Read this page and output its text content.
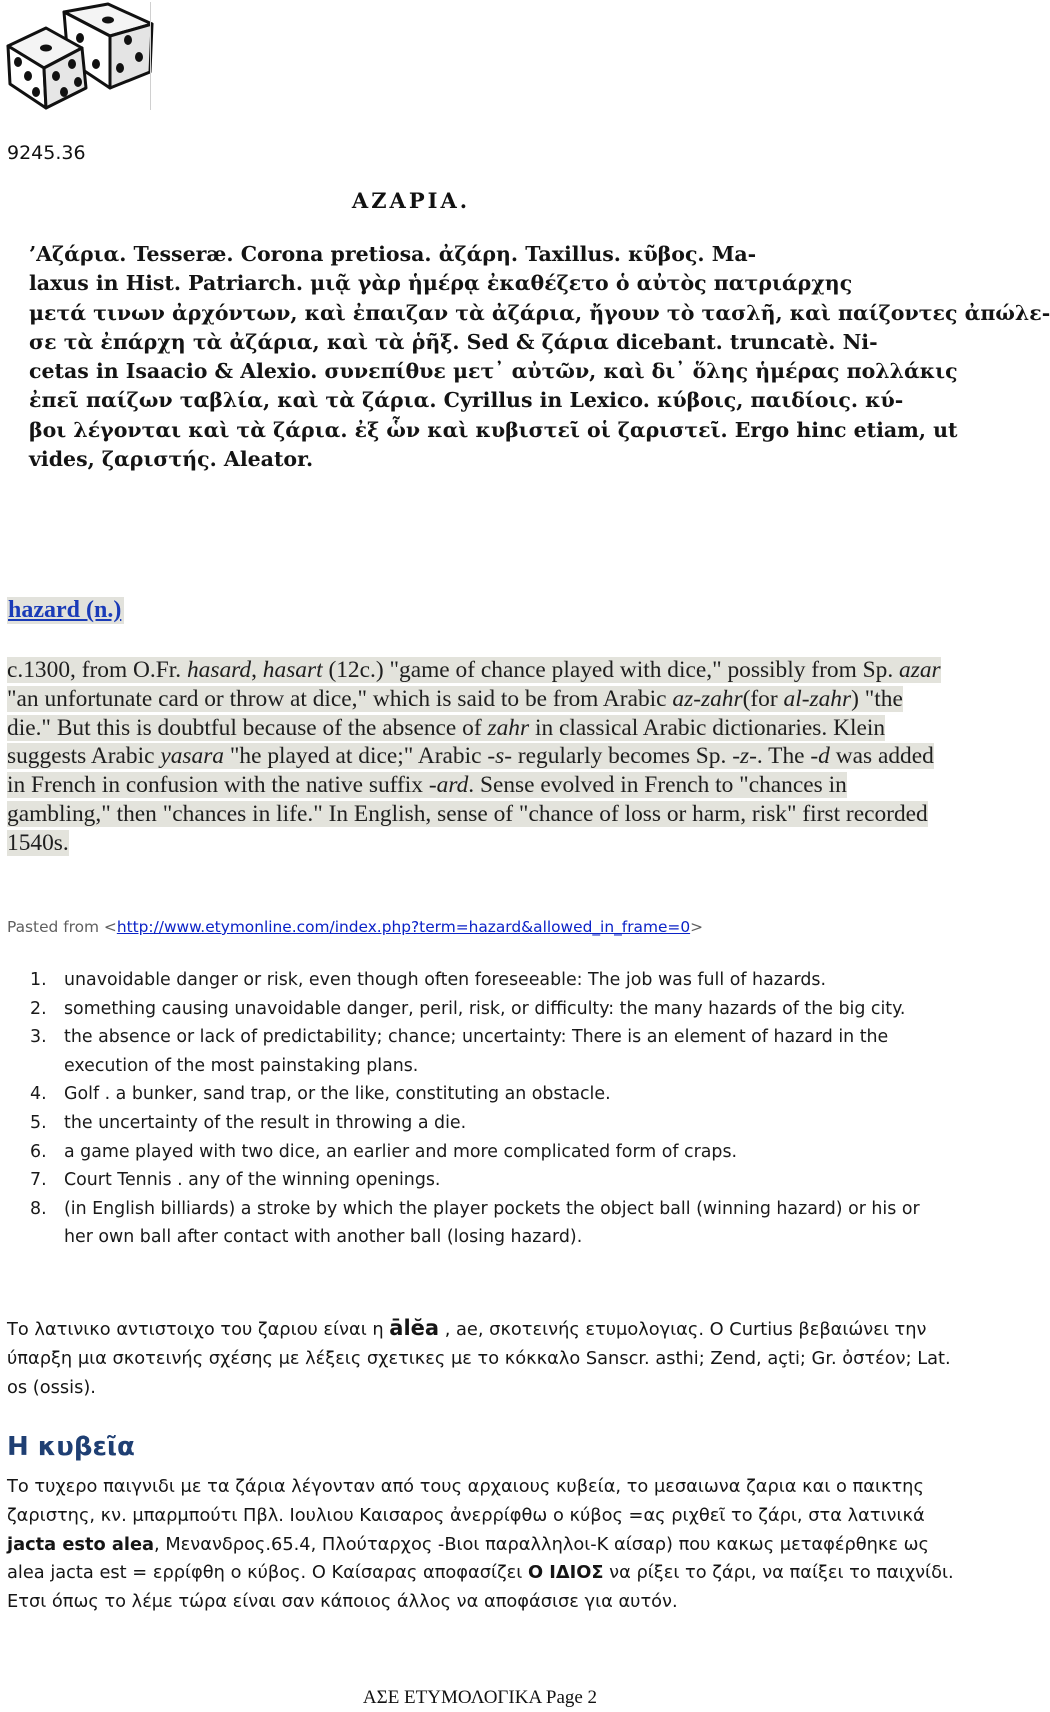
9245.36
ΑΖΑΡΙΑ.
’Αζάρια. Tesseræ. Corona pretiosa. ἀζάρη. Taxillus. κῦβος. Ma-
laxus in Hist. Patriarch. μιᾷ γὰρ ἡμέρᾳ ἐκαθέζετο ὁ αὐτὸς πατριάρχης
μετά τινων ἀρχόντων, καὶ ἐπαιζαν τὰ ἀζάρια, ἤγουν τὸ τασλῆ, καὶ παίζοντες ἀπώλε-
σε τὰ ἐπάρχη τὰ ἀζάρια, καὶ τὰ ῥῆξ. Sed & ζάρια dicebant. truncatè. Ni-
cetas in Isaacio & Alexio. συνεπίθυε μετ᾽ αὐτῶν, καὶ δι᾽ ὅλης ἡμέρας πολλάκις
ἐπεῖ παίζων ταβλία, καὶ τὰ ζάρια. Cyrillus in Lexico. κύβοις, παιδίοις. κύ-
βοι λέγονται καὶ τὰ ζάρια. ἐξ ὧν καὶ κυβιστεῖ οἱ ζαριστεῖ. Ergo hinc etiam, ut
vides, ζαριστής. Aleator.
hazard (n.)
c.1300, from O.Fr. hasard, hasart (12c.) "game of chance played with dice," possibly from Sp. azar "an unfortunate card or throw at dice," which is said to be from Arabic az-zahr(for al-zahr) "the die." But this is doubtful because of the absence of zahr in classical Arabic dictionaries. Klein suggests Arabic yasara "he played at dice;" Arabic -s- regularly becomes Sp. -z-. The -d was added in French in confusion with the native suffix -ard. Sense evolved in French to "chances in gambling," then "chances in life." In English, sense of "chance of loss or harm, risk" first recorded 1540s.
Pasted from <http://www.etymonline.com/index.php?term=hazard&allowed_in_frame=0>
1. unavoidable danger or risk, even though often foreseeable: The job was full of hazards.
2. something causing unavoidable danger, peril, risk, or difficulty: the many hazards of the big city.
3. the absence or lack of predictability; chance; uncertainty: There is an element of hazard in the execution of the most painstaking plans.
4. Golf . a bunker, sand trap, or the like, constituting an obstacle.
5. the uncertainty of the result in throwing a die.
6. a game played with two dice, an earlier and more complicated form of craps.
7. Court Tennis . any of the winning openings.
8. (in English billiards) a stroke by which the player pockets the object ball (winning hazard) or his or her own ball after contact with another ball (losing hazard).
Το λατινικο αντιστοιχο του ζαριου είναι η ālĕa , ae, σκοτεινής ετυμολογιας. Ο Curtius βεβαιώνει την ύπαρξη μια σκοτεινής σχέσης με λέξεις σχετικες με το κόκκαλο Sanscr. asthi; Zend, açti; Gr. ὀστέον; Lat. os (ossis).
Η κυβεῖα
Το τυχερο παιγνιδι με τα ζάρια λέγονταν από τους αρχαιους κυβεία, το μεσαιωνα ζαρια και ο παικτης ζαριστης, κν. μπαρμπούτι Πβλ. Ιουλιου Καισαρος ἀνερρίφθω ο κύβος =ας ριχθεῖ το ζάρι, στα λατινικά jacta esto alea, Μενανδρος.65.4, Πλούταρχος -Βιοι παραλληλοι-Κ αίσαρ) που κακως μεταφέρθηκε ως alea jacta est = ερρίφθη ο κύβος. Ο Καίσαρας αποφασίζει Ο ΙΔΙΟΣ να ρίξει το ζάρι, να παίξει το παιχνίδι. Ετσι όπως το λέμε τώρα είναι σαν κάποιος άλλος να αποφάσισε για αυτόν.
ΑΣΕ ΕΤΥΜΟΛΟΓΙΚΑ Page 2
